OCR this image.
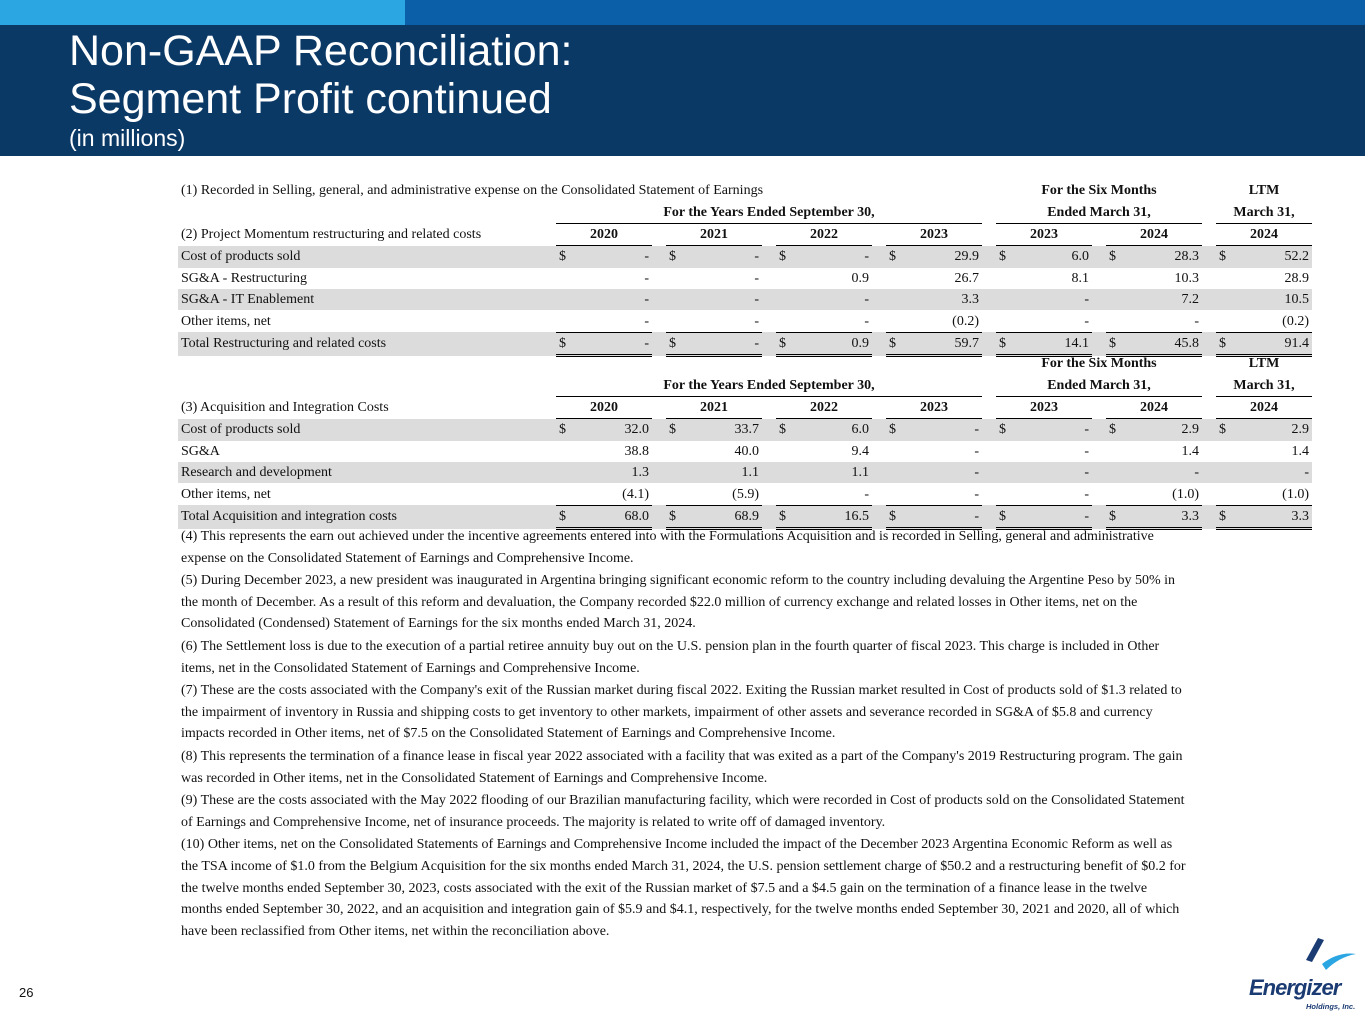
Non-GAAP Reconciliation:
Segment Profit continued
(in millions)
(1) Recorded in Selling, general, and administrative expense on the Consolidated Statement of Earnings													For the Six Months						LTM	
	For the Years Ended September 30,												Ended March 31,						March 31,	
(2) Project Momentum restructuring and related costs	2020			2021			2022			2023			2023			2024			2024	
Cost of products sold	$	-		$	-		$	-		$	29.9		$	6.0		$	28.3		$	52.2
SG&A - Restructuring		-			-			0.9			26.7			8.1			10.3			28.9
SG&A - IT Enablement		-			-			-			3.3			-			7.2			10.5
Other items, net		-			-			-			(0.2)			-			-			(0.2)
Total Restructuring and related costs	$	-		$	-		$	0.9		$	59.7		$	14.1		$	45.8		$	91.4
													For the Six Months						LTM	
	For the Years Ended September 30,												Ended March 31,						March 31,	
(3) Acquisition and Integration Costs	2020			2021			2022			2023			2023			2024			2024	
Cost of products sold	$	32.0		$	33.7		$	6.0		$	-		$	-		$	2.9		$	2.9
SG&A		38.8			40.0			9.4			-			-			1.4			1.4
Research and development		1.3			1.1			1.1			-			-			-			-
Other items, net		(4.1)			(5.9)			-			-			-			(1.0)			(1.0)
Total Acquisition and integration costs	$	68.0		$	68.9		$	16.5		$	-		$	-		$	3.3		$	3.3

(4) This represents the earn out achieved under the incentive agreements entered into with the Formulations Acquisition and is recorded in Selling, general and administrative expense on the Consolidated Statement of Earnings and Comprehensive Income.

(5) During December 2023, a new president was inaugurated in Argentina bringing significant economic reform to the country including devaluing the Argentine Peso by 50% in the month of December. As a result of this reform and devaluation, the Company recorded $22.0 million of currency exchange and related losses in Other items, net on the Consolidated (Condensed) Statement of Earnings for the six months ended March 31, 2024.

(6) The Settlement loss is due to the execution of a partial retiree annuity buy out on the U.S. pension plan in the fourth quarter of fiscal 2023. This charge is included in Other items, net in the Consolidated Statement of Earnings and Comprehensive Income.

(7) These are the costs associated with the Company's exit of the Russian market during fiscal 2022. Exiting the Russian market resulted in Cost of products sold of $1.3 related to the impairment of inventory in Russia and shipping costs to get inventory to other markets, impairment of other assets and severance recorded in SG&A of $5.8 and currency impacts recorded in Other items, net of $7.5 on the Consolidated Statement of Earnings and Comprehensive Income.

(8) This represents the termination of a finance lease in fiscal year 2022 associated with a facility that was exited as a part of the Company's 2019 Restructuring program. The gain was recorded in Other items, net in the Consolidated Statement of Earnings and Comprehensive Income.

(9) These are the costs associated with the May 2022 flooding of our Brazilian manufacturing facility, which were recorded in Cost of products sold on the Consolidated Statement of Earnings and Comprehensive Income, net of insurance proceeds. The majority is related to write off of damaged inventory.

(10) Other items, net on the Consolidated Statements of Earnings and Comprehensive Income included the impact of the December 2023 Argentina Economic Reform as well as the TSA income of $1.0 from the Belgium Acquisition for the six months ended March 31, 2024, the U.S. pension settlement charge of $50.2 and a restructuring benefit of $0.2 for the twelve months ended September 30, 2023, costs associated with the exit of the Russian market of $7.5 and a $4.5 gain on the termination of a finance lease in the twelve months ended September 30, 2022, and an acquisition and integration gain of $5.9 and $4.1, respectively, for the twelve months ended September 30, 2021 and 2020, all of which have been reclassified from Other items, net within the reconciliation above.

26	Energizer
Holdings, Inc.
